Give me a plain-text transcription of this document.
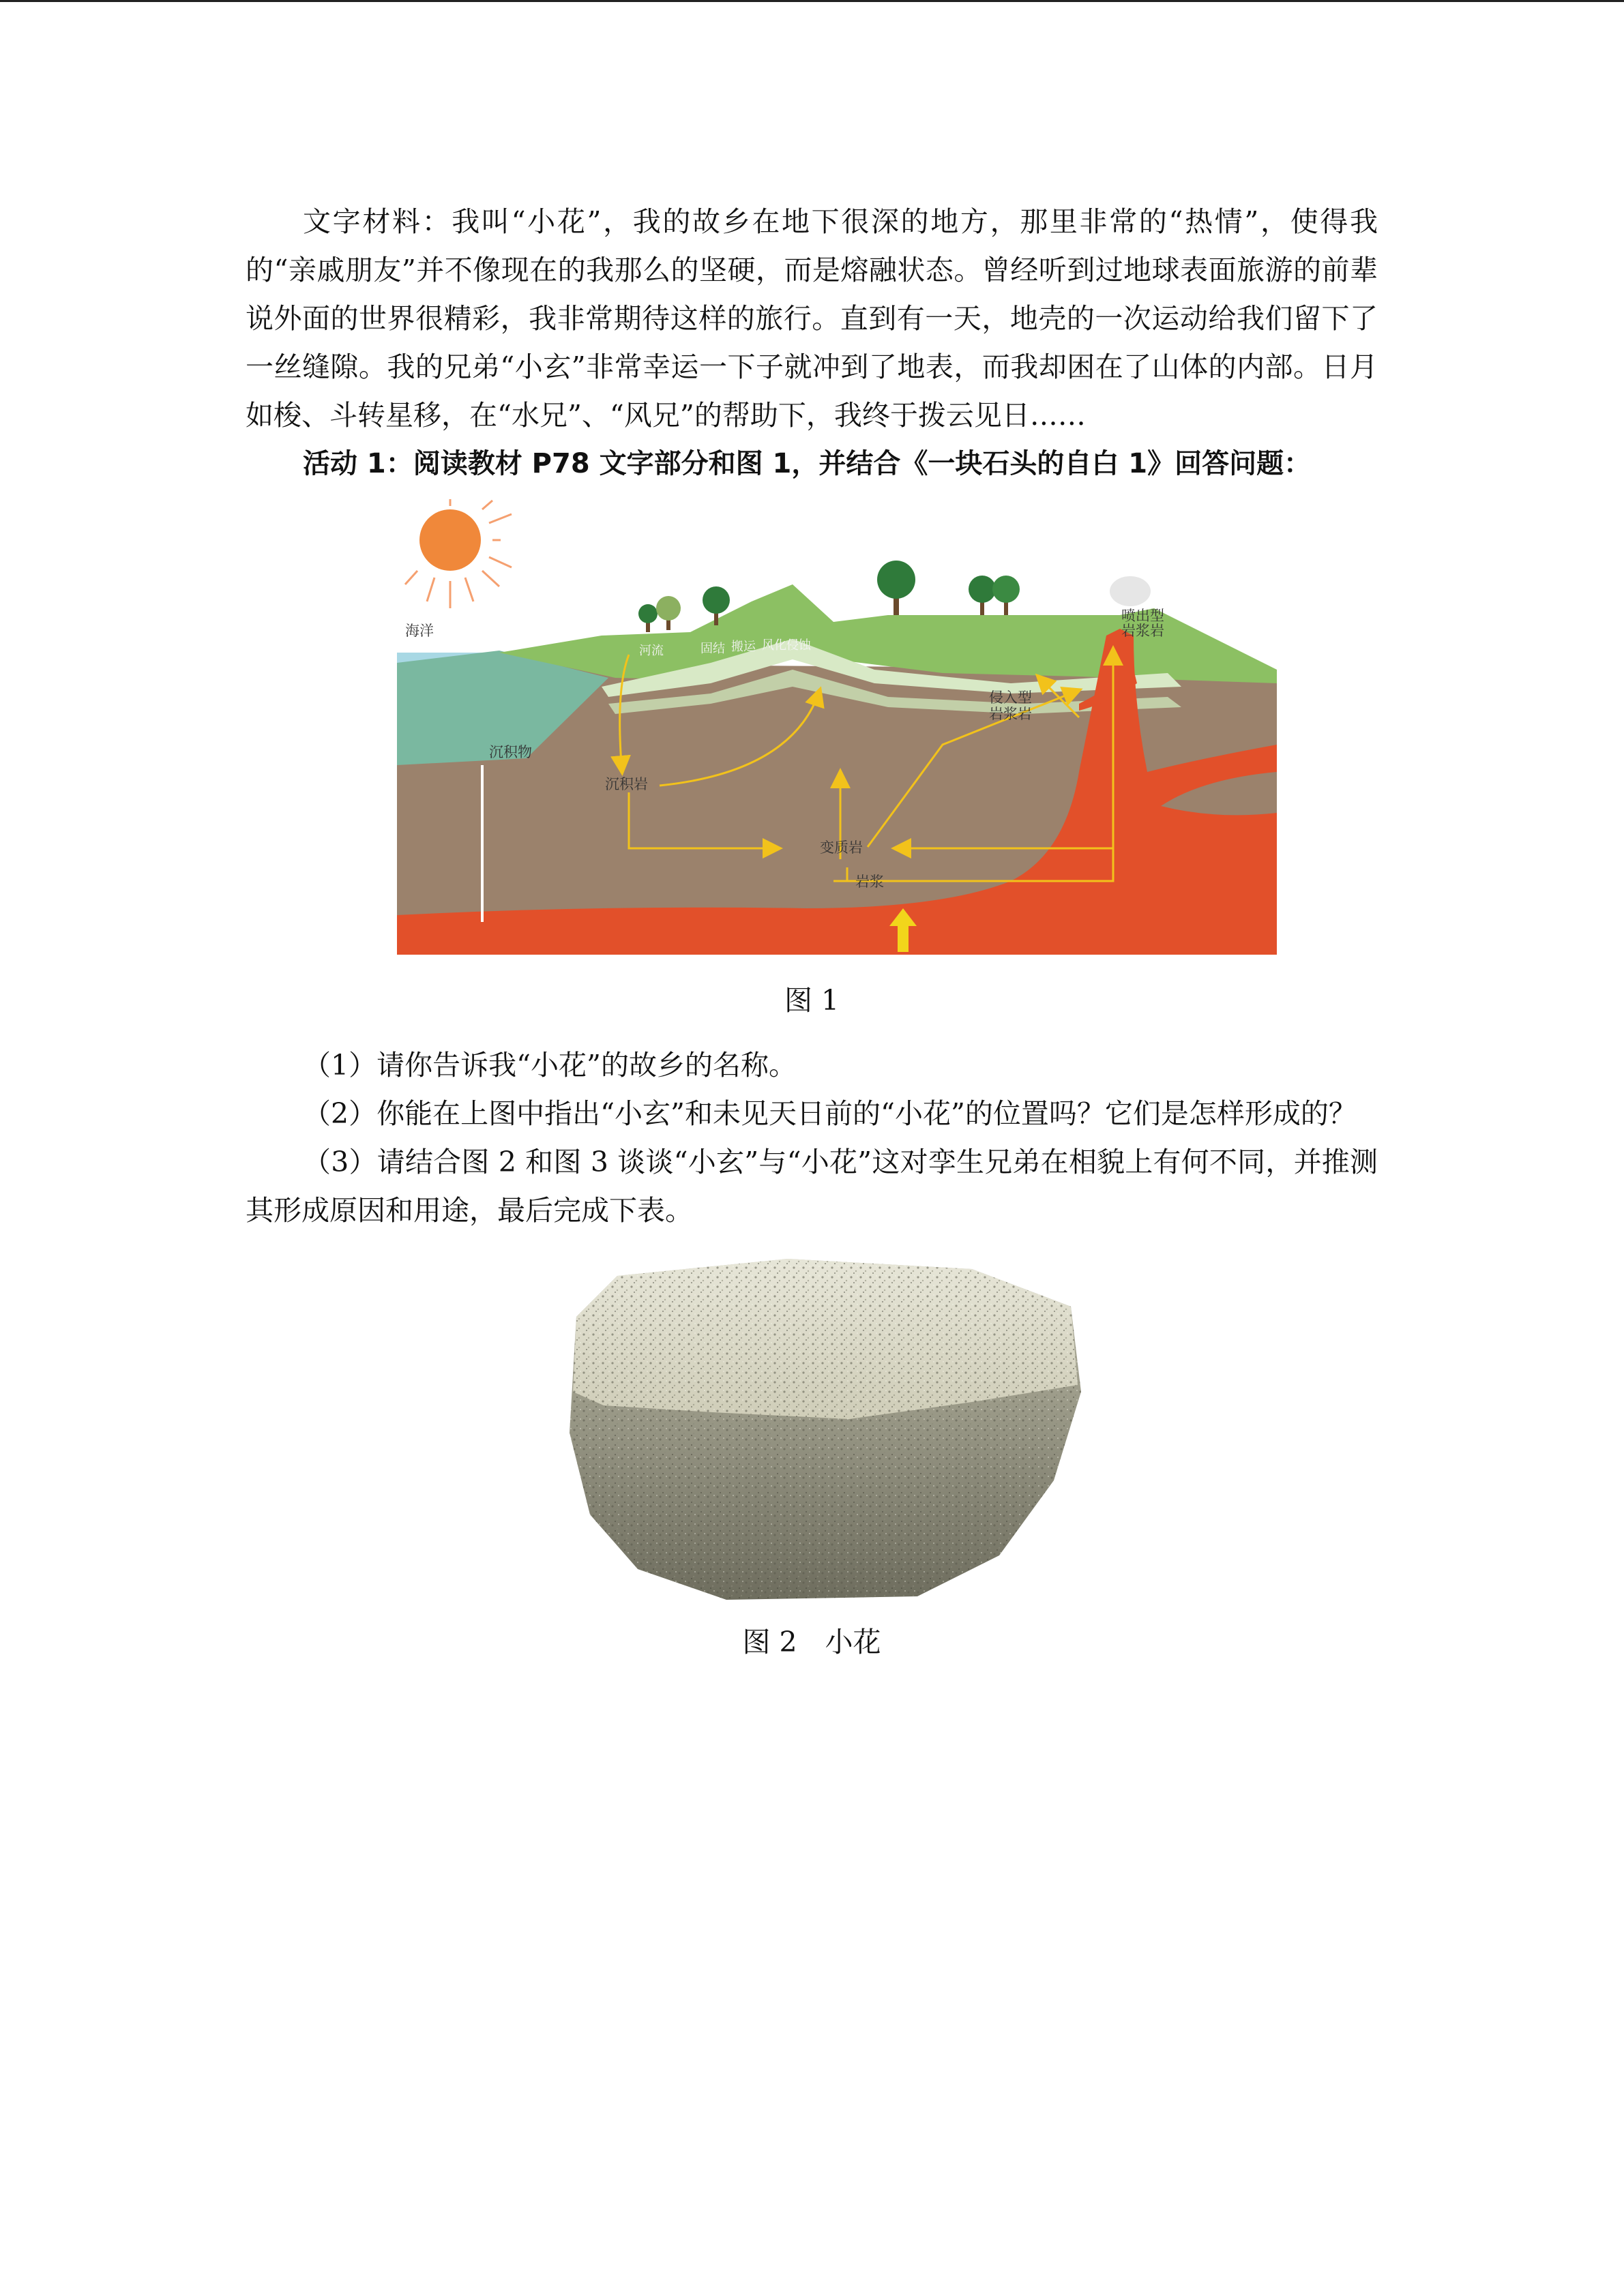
文字材料：我叫“小花”，我的故乡在地下很深的地方，那里非常的“热情”，使得我的“亲戚朋友”并不像现在的我那么的坚硬，而是熔融状态。曾经听到过地球表面旅游的前辈说外面的世界很精彩，我非常期待这样的旅行。直到有一天，地壳的一次运动给我们留下了一丝缝隙。我的兄弟“小玄”非常幸运一下子就冲到了地表，而我却困在了山体的内部。日月如梭、斗转星移，在“水兄”、“风兄”的帮助下，我终于拨云见日……

活动 1：阅读教材 P78 文字部分和图 1，并结合《一块石头的自白 1》回答问题：

海洋
河流	固结 搬运 风化侵蚀
沉积物
沉积岩
喷出型
岩浆岩
侵入型
岩浆岩
变质岩
岩浆
图 1

（1）请你告诉我“小花”的故乡的名称。

（2）你能在上图中指出“小玄”和未见天日前的“小花”的位置吗？它们是怎样形成的？

（3）请结合图 2 和图 3 谈谈“小玄”与“小花”这对孪生兄弟在相貌上有何不同，并推测其形成原因和用途，最后完成下表。

图 2　小花
